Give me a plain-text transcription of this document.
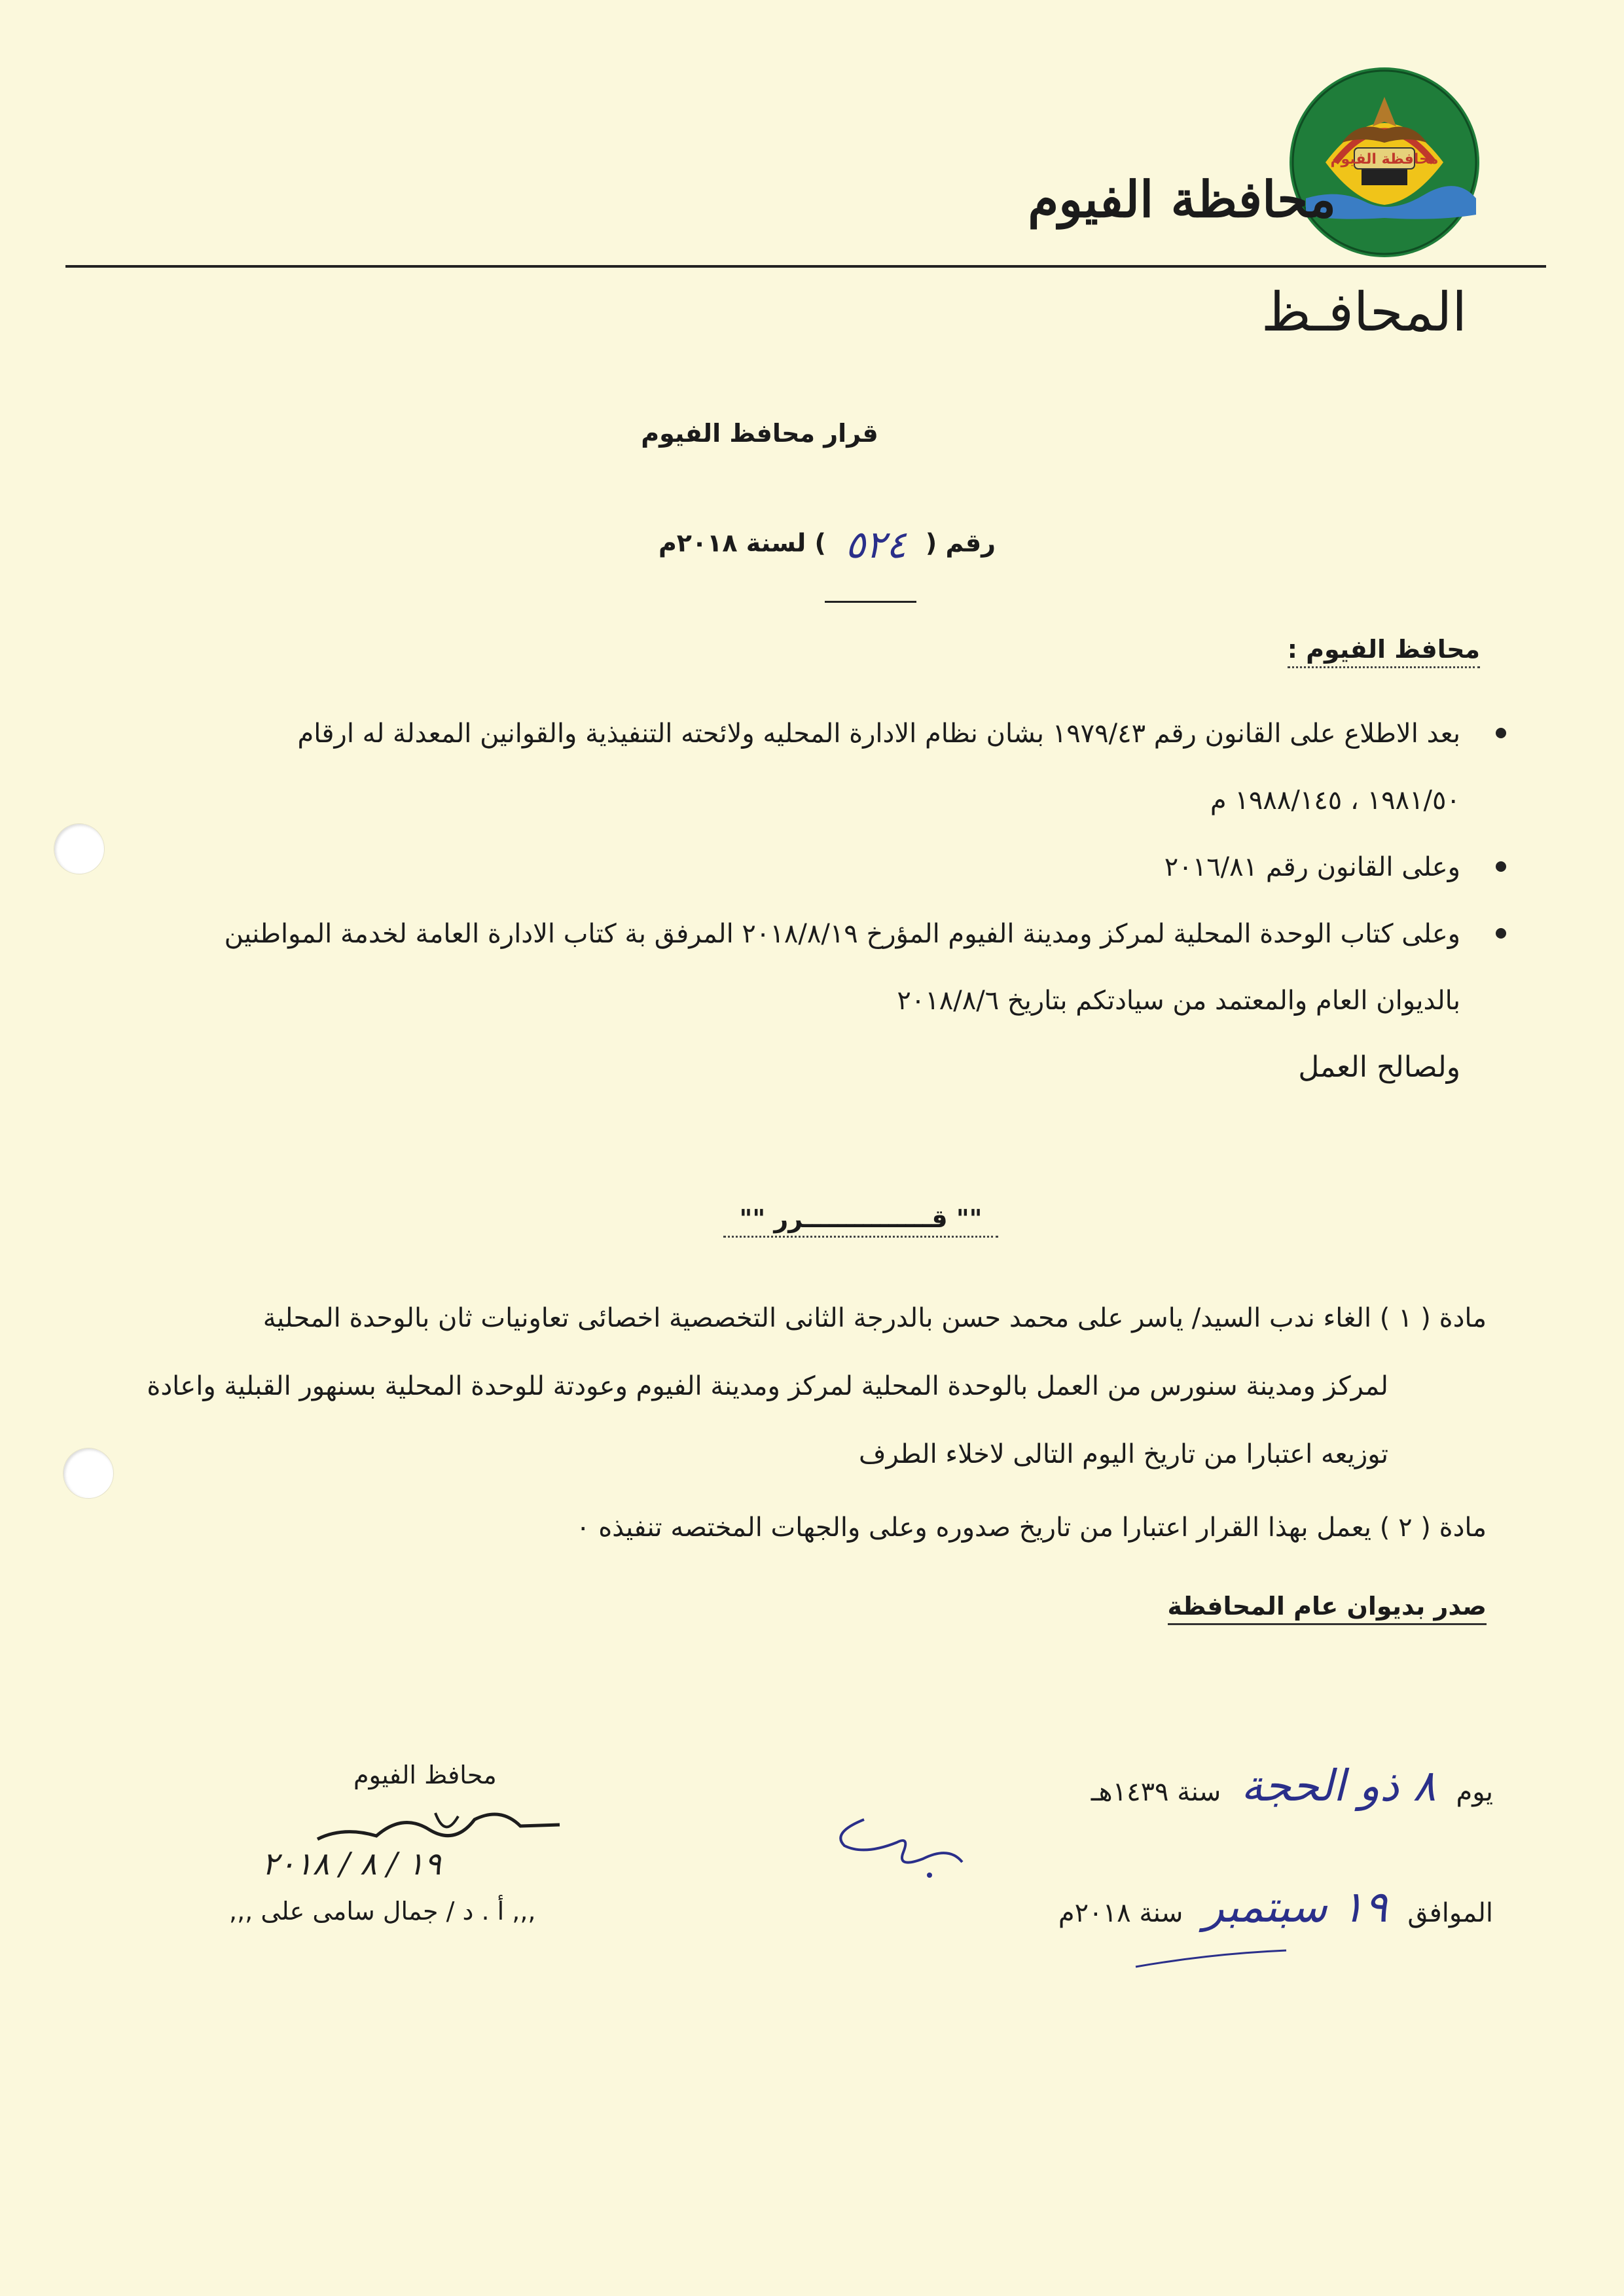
محافظة الفيوم
محافظة الفيوم
المحافـظ
قرار محافظ الفيوم
رقم ( ٥٢٤ ) لسنة ٢٠١٨م
محافظ الفيوم :
بعد الاطلاع على القانون رقم ١٩٧٩/٤٣ بشان نظام الادارة المحليه ولائحته التنفيذية والقوانين المعدلة له ارقام ١٩٨١/٥٠ ، ١٩٨٨/١٤٥ م
وعلى القانون رقم ٢٠١٦/٨١
وعلى كتاب الوحدة المحلية لمركز ومدينة الفيوم المؤرخ ٢٠١٨/٨/١٩ المرفق بة كتاب الادارة العامة لخدمة المواطنين بالديوان العام والمعتمد من سيادتكم بتاريخ ٢٠١٨/٨/٦
ولصالح العمل
"" قـــــــــــــــرر ""
مادة ( ١ ) الغاء ندب السيد/ ياسر على محمد حسن بالدرجة الثانى التخصصية اخصائى تعاونيات ثان بالوحدة المحلية
لمركز ومدينة سنورس من العمل بالوحدة المحلية لمركز ومدينة الفيوم وعودتة للوحدة المحلية بسنهور القبلية واعادة توزيعه اعتبارا من تاريخ اليوم التالى لاخلاء الطرف
مادة ( ٢ ) يعمل بهذا القرار اعتبارا من تاريخ صدوره وعلى والجهات المختصه تنفيذه ٠
صدر بديوان عام المحافظة
محافظ الفيوم
١٩ / ٨ / ٢٠١٨
,,, أ . د / جمال سامى على ,,,
يوم ٨ ذو الحجة سنة ١٤٣٩هـ
الموافق ١٩ سبتمبر سنة ٢٠١٨م
